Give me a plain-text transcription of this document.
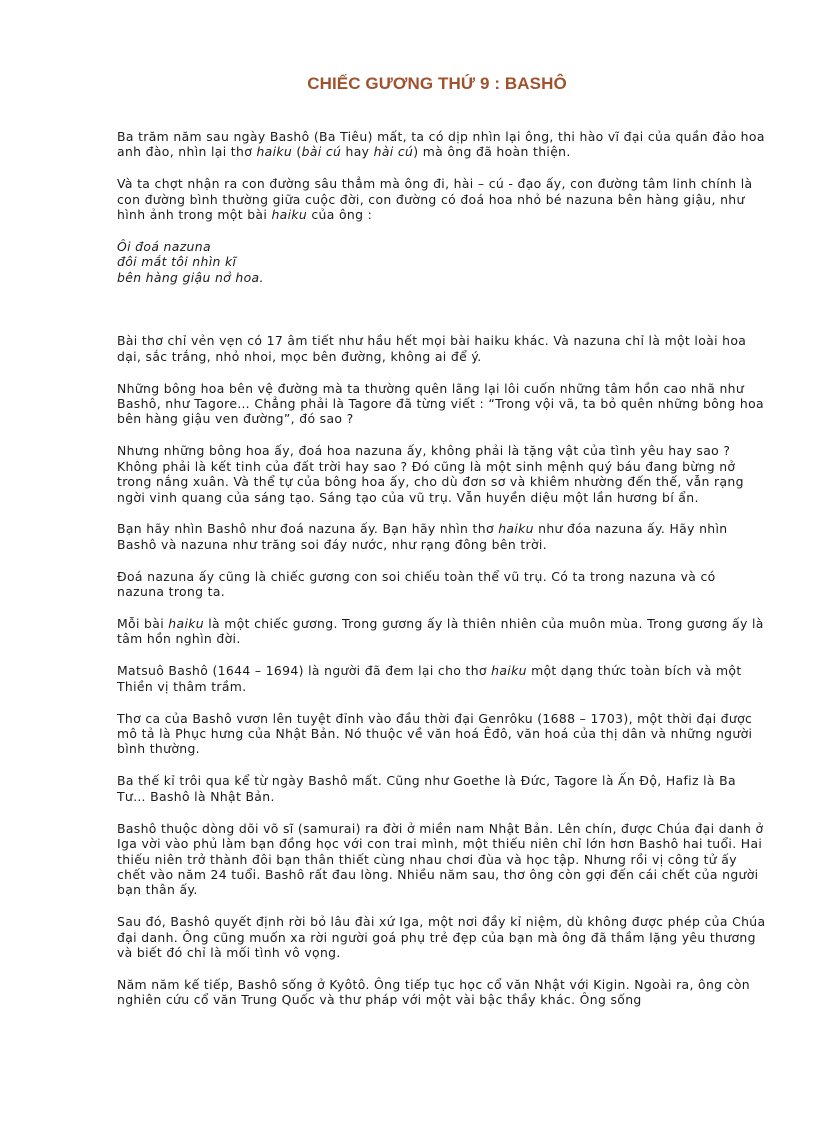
CHIẾC GƯƠNG THỨ 9 : BASHÔ

Ba trăm năm sau ngày Bashô (Ba Tiêu) mất, ta có dịp nhìn lại ông, thi hào vĩ đại của quần đảo hoa anh đào, nhìn lại thơ haiku (bài cú hay hài cú) mà ông đã hoàn thiện.

Và ta chợt nhận ra con đường sâu thẳm mà ông đi, hài – cú - đạo ấy, con đường tâm linh chính là con đường bình thường giữa cuộc đời, con đường có đoá hoa nhỏ bé nazuna bên hàng giậu, như hình ảnh trong một bài haiku của ông :

Ôi đoá nazuna
đôi mắt tôi nhìn kĩ
bên hàng giậu nở hoa.

Bài thơ chỉ vẻn vẹn có 17 âm tiết như hầu hết mọi bài haiku khác. Và nazuna chỉ là một loài hoa dại, sắc trắng, nhỏ nhoi, mọc bên đường, không ai để ý.

Những bông hoa bên vệ đường mà ta thường quên lãng lại lôi cuốn những tâm hồn cao nhã như Bashô, như Tagore… Chẳng phải là Tagore đã từng viết : “Trong vội vã, ta bỏ quên những bông hoa bên hàng giậu ven đường”, đó sao ?

Nhưng những bông hoa ấy, đoá hoa nazuna ấy, không phải là tặng vật của tình yêu hay sao ? Không phải là kết tinh của đất trời hay sao ? Đó cũng là một sinh mệnh quý báu đang bừng nở trong nắng xuân. Và thể tự của bông hoa ấy, cho dù đơn sơ và khiêm nhường đến thế, vẫn rạng ngời vinh quang của sáng tạo. Sáng tạo của vũ trụ. Vẫn huyền diệu một lần hương bí ẩn.

Bạn hãy nhìn Bashô như đoá nazuna ấy. Bạn hãy nhìn thơ haiku như đóa nazuna ấy. Hãy nhìn Bashô và nazuna như trăng soi đáy nước, như rạng đông bên trời.

Đoá nazuna ấy cũng là chiếc gương con soi chiếu toàn thể vũ trụ. Có ta trong nazuna và có nazuna trong ta.

Mỗi bài haiku là một chiếc gương. Trong gương ấy là thiên nhiên của muôn mùa. Trong gương ấy là tâm hồn nghìn đời.

Matsuô Bashô (1644 – 1694) là người đã đem lại cho thơ haiku một dạng thức toàn bích và một Thiền vị thâm trầm.

Thơ ca của Bashô vươn lên tuyệt đỉnh vào đầu thời đại Genrôku (1688 – 1703), một thời đại được mô tả là Phục hưng của Nhật Bản. Nó thuộc về văn hoá Êđô, văn hoá của thị dân và những người bình thường.

Ba thế kỉ trôi qua kể từ ngày Bashô mất. Cũng như Goethe là Đức, Tagore là Ấn Độ, Hafiz là Ba Tư… Bashô là Nhật Bản.

Bashô thuộc dòng dõi võ sĩ (samurai) ra đời ở miền nam Nhật Bản. Lên chín, được Chúa đại danh ở Iga vời vào phủ làm bạn đồng học với con trai mình, một thiếu niên chỉ lớn hơn Bashô hai tuổi. Hai thiếu niên trở thành đôi bạn thân thiết cùng nhau chơi đùa và học tập. Nhưng rồi vị công tử ấy chết vào năm 24 tuổi. Bashô rất đau lòng. Nhiều năm sau, thơ ông còn gợi đến cái chết của người bạn thân ấy.

Sau đó, Bashô quyết định rời bỏ lâu đài xứ Iga, một nơi đầy kỉ niệm, dù không được phép của Chúa đại danh. Ông cũng muốn xa rời người goá phụ trẻ đẹp của bạn mà ông đã thầm lặng yêu thương và biết đó chỉ là mối tình vô vọng.

Năm năm kế tiếp, Bashô sống ở Kyôtô. Ông tiếp tục học cổ văn Nhật với Kigin. Ngoài ra, ông còn nghiên cứu cổ văn Trung Quốc và thư pháp với một vài bậc thầy khác. Ông sống
